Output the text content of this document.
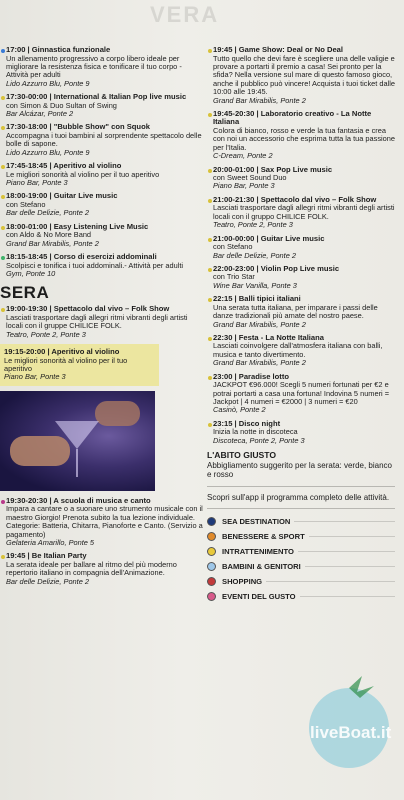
VERA
17:00 | Ginnastica funzionale

Un allenamento progressivo a corpo libero ideale per migliorare la resistenza fisica e tonificare il tuo corpo - Attività per adulti

Lido Azzurro Blu, Ponte 9

17:30-00:00 | International & Italian Pop live music

con Simon & Duo Sultan of Swing

Bar Alcázar, Ponte 2

17:30-18:00 | "Bubble Show" con Squok

Accompagna i tuoi bambini al sorprendente spettacolo delle bolle di sapone.

Lido Azzurro Blu, Ponte 9

17:45-18:45 | Aperitivo al violino

Le migliori sonorità al violino per il tuo aperitivo

Piano Bar, Ponte 3

18:00-19:00 | Guitar Live music

con Stefano

Bar delle Delizie, Ponte 2

18:00-01:00 | Easy Listening Live Music

con Aldo & No More Band

Grand Bar Mirabilis, Ponte 2

18:15-18:45 | Corso di esercizi addominali

Scolpisci e tonifica i tuoi addominali.- Attività per adulti

Gym, Ponte 10

SERA
19:00-19:30 | Spettacolo dal vivo – Folk Show

Lasciati trasportare dagli allegri ritmi vibranti degli artisti locali con il gruppe CHILICE FOLK.

Teatro, Ponte 2, Ponte 3

19:15-20:00 | Aperitivo al violino

Le migliori sonorità al violino per il tuo aperitivo

Piano Bar, Ponte 3

19:30-20:30 | A scuola di musica e canto

Impara a cantare o a suonare uno strumento musicale con il maestro Giorgio! Prenota subito la tua lezione individuale. Categorie: Batteria, Chitarra, Pianoforte e Canto. (Servizio a pagamento)

Gelateria Amarillo, Ponte 5

19:45 | Be Italian Party

La serata ideale per ballare al ritmo del più moderno repertorio italiano in compagnia dell'Animazione.

Bar delle Delizie, Ponte 2

19:45 | Game Show: Deal or No Deal

Tutto quello che devi fare è scegliere una delle valigie e provare a portarti il premio a casa! Sei pronto per la sfida? Nella versione sul mare di questo famoso gioco, anche il pubblico può vincere! Acquista i tuoi ticket dalle 10:00 alle 19:45.

Grand Bar Mirabilis, Ponte 2

19:45-20:30 | Laboratorio creativo - La Notte Italiana

Colora di bianco, rosso e verde la tua fantasia e crea con noi un accessorio che esprima tutta la tua passione per l'Italia.

C-Dream, Ponte 2

20:00-01:00 | Sax Pop Live music

con Sweet Sound Duo

Piano Bar, Ponte 3

21:00-21:30 | Spettacolo dal vivo – Folk Show

Lasciati trasportare dagli allegri ritmi vibranti degli artisti locali con il gruppo CHILICE FOLK.

Teatro, Ponte 2, Ponte 3

21:00-00:00 | Guitar Live music

con Stefano

Bar delle Delizie, Ponte 2

22:00-23:00 | Violin Pop Live music

con Trio Star

Wine Bar Vanilla, Ponte 3

22:15 | Balli tipici italiani

Una serata tutta italiana, per imparare i passi delle danze tradizionali più amate del nostro paese.

Grand Bar Mirabilis, Ponte 2

22:30 | Festa - La Notte Italiana

Lasciati coinvolgere dall'atmosfera italiana con balli, musica e tanto divertimento.

Grand Bar Mirabilis, Ponte 2

23:00 | Paradise lotto

JACKPOT €96.000! Scegli 5 numeri fortunati per €2 e potrai portarti a casa una fortuna! Indovina 5 numeri = Jackpot | 4 numeri = €2000 | 3 numeri = €20

Casinò, Ponte 2

23:15 | Disco night

Inizia la notte in discoteca

Discoteca, Ponte 2, Ponte 3

L'ABITO GIUSTO
Abbigliamento suggerito per la serata: verde, bianco e rosso
Scopri sull'app il programma completo delle attività.
SEA DESTINATION
BENESSERE & SPORT
INTRATTENIMENTO
BAMBINI & GENITORI
SHOPPING
EVENTI DEL GUSTO
liveBoat.it
